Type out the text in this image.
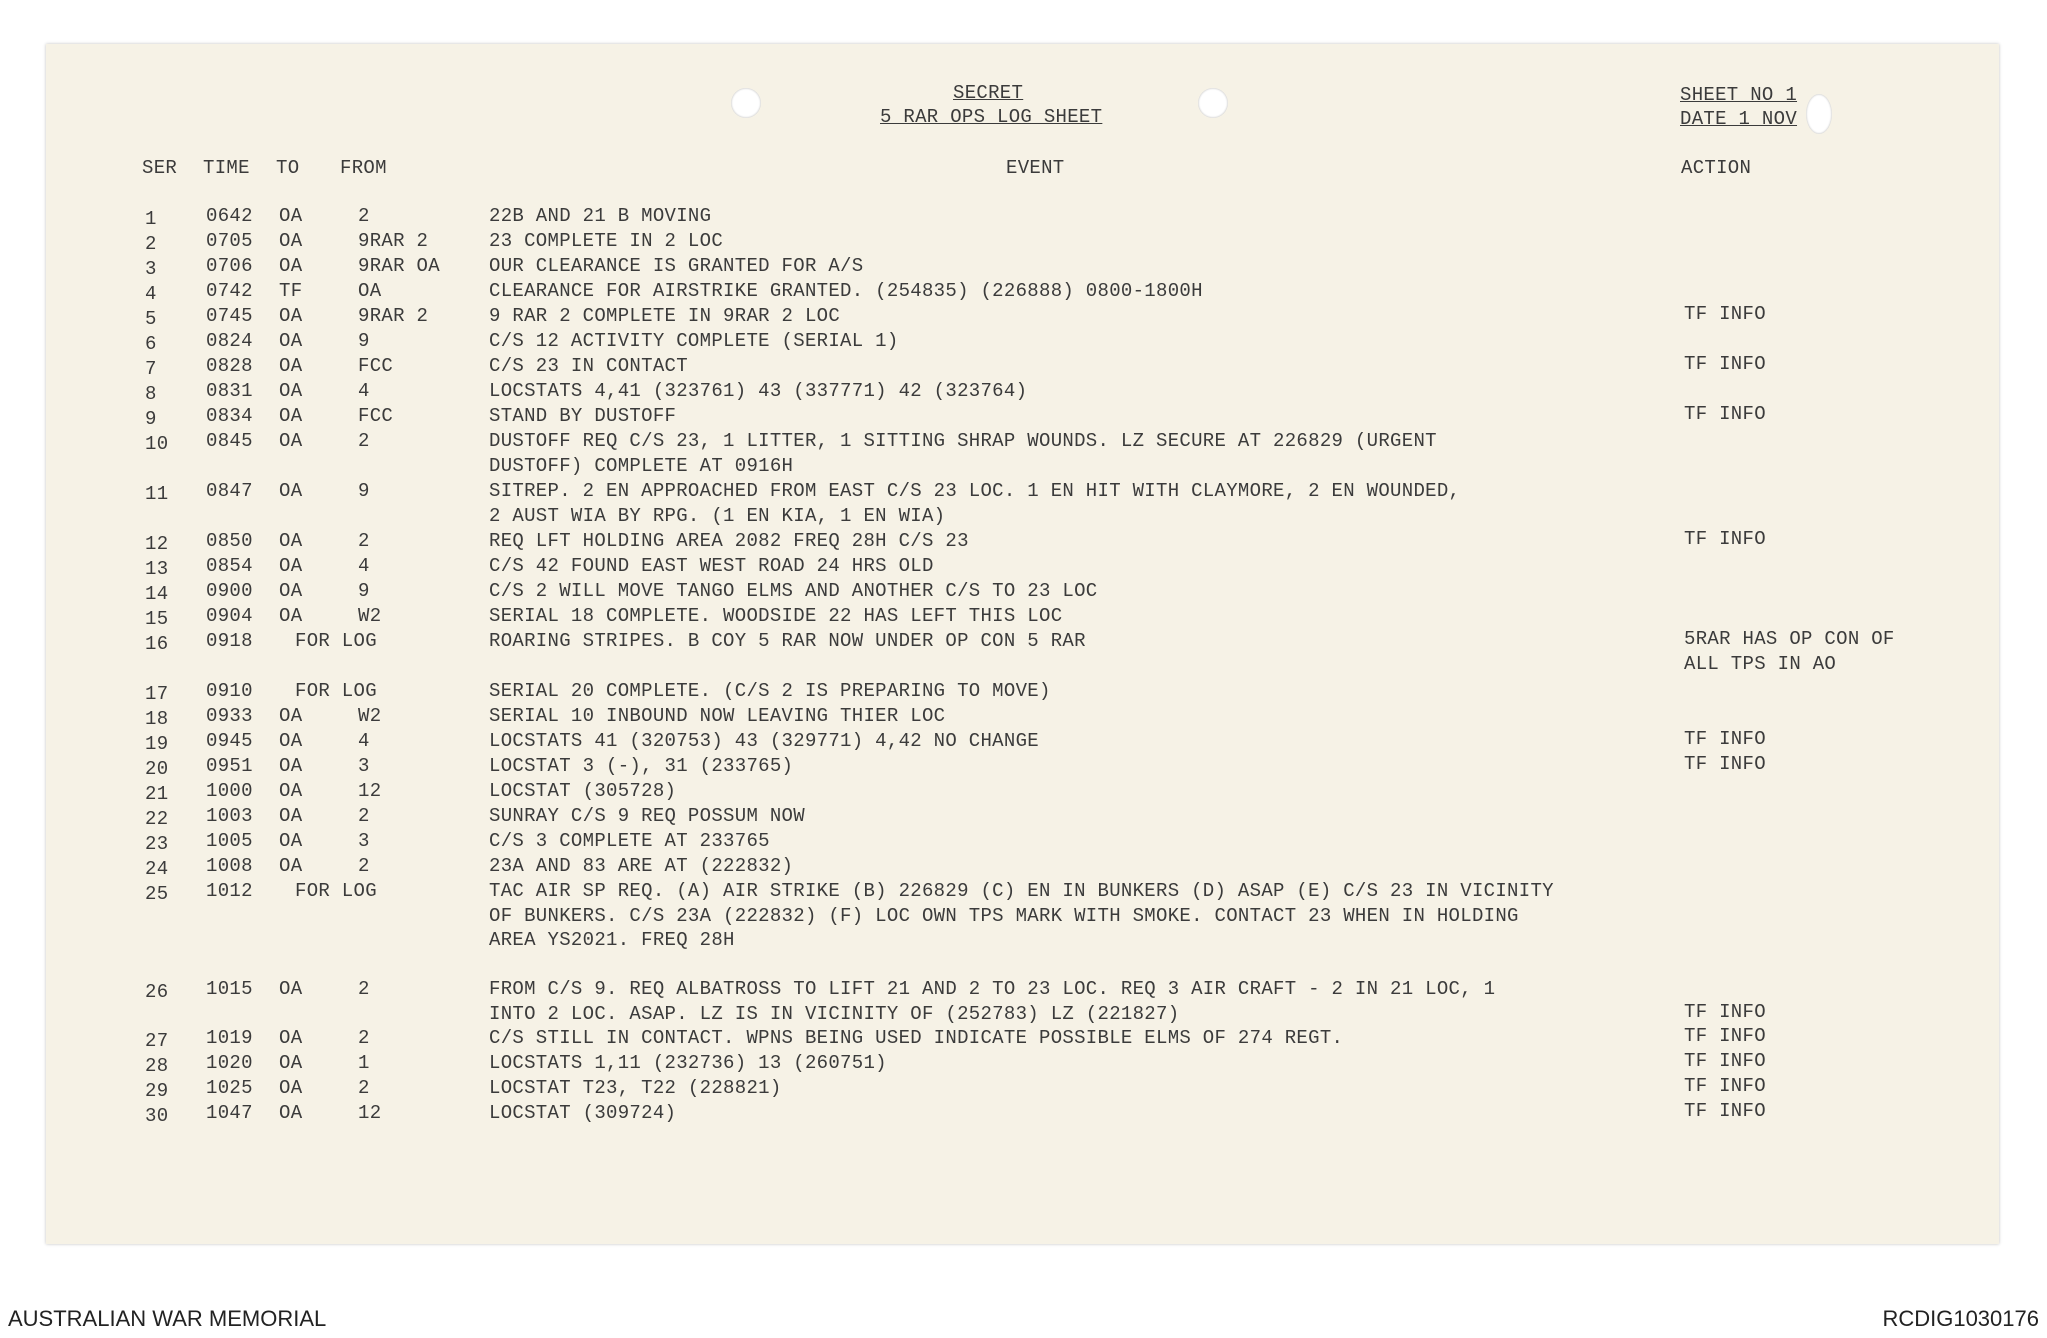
SECRET
5 RAR OPS LOG SHEET
SHEET NO 1
DATE 1 NOV
SER TIME TO FROM	EVENT	ACTION
1	0642 OA	2	22B AND 21 B MOVING
2	0705 OA	9RAR 2	23 COMPLETE IN 2 LOC
3	0706 OA	9RAR OA	OUR CLEARANCE IS GRANTED FOR A/S
4	0742 TF	OA	CLEARANCE FOR AIRSTRIKE GRANTED. (254835) (226888) 0800-1800H
5	0745 OA	9RAR 2	9 RAR 2 COMPLETE IN 9RAR 2 LOC	TF INFO
6	0824 OA	9	C/S 12 ACTIVITY COMPLETE (SERIAL 1)
7	0828 OA	FCC	C/S 23 IN CONTACT	TF INFO
8	0831 OA	4	LOCSTATS 4,41 (323761) 43 (337771) 42 (323764)
9	0834 OA	FCC	STAND BY DUSTOFF	TF INFO
10 0845 OA	2	DUSTOFF REQ C/S 23, 1 LITTER, 1 SITTING SHRAP WOUNDS. LZ SECURE AT 226829 (URGENT
DUSTOFF) COMPLETE AT 0916H
11 0847 OA	9	SITREP. 2 EN APPROACHED FROM EAST C/S 23 LOC. 1 EN HIT WITH CLAYMORE, 2 EN WOUNDED,
2 AUST WIA BY RPG. (1 EN KIA, 1 EN WIA)
12 0850 OA	2	REQ LFT HOLDING AREA 2082 FREQ 28H C/S 23	TF INFO
13 0854 OA	4	C/S 42 FOUND EAST WEST ROAD 24 HRS OLD
14 0900 OA	9	C/S 2 WILL MOVE TANGO ELMS AND ANOTHER C/S TO 23 LOC
15 0904 OA	W2	SERIAL 18 COMPLETE. WOODSIDE 22 HAS LEFT THIS LOC
16 0918 FOR LOG	ROARING STRIPES. B COY 5 RAR NOW UNDER OP CON 5 RAR	5RAR HAS OP CON OF
ALL TPS IN AO
17 0910 FOR LOG	SERIAL 20 COMPLETE. (C/S 2 IS PREPARING TO MOVE)
18 0933 OA	W2	SERIAL 10 INBOUND NOW LEAVING THIER LOC
19 0945 OA	4	LOCSTATS 41 (320753) 43 (329771) 4,42 NO CHANGE	TF INFO
20 0951 OA	3	LOCSTAT 3 (-), 31 (233765)	TF INFO
21 1000 OA	12	LOCSTAT (305728)
22 1003 OA	2	SUNRAY C/S 9 REQ POSSUM NOW
23 1005 OA	3	C/S 3 COMPLETE AT 233765
24 1008 OA	2	23A AND 83 ARE AT (222832)
25 1012 FOR LOG	TAC AIR SP REQ. (A) AIR STRIKE (B) 226829 (C) EN IN BUNKERS (D) ASAP (E) C/S 23 IN VICINITY
OF BUNKERS. C/S 23A (222832) (F) LOC OWN TPS MARK WITH SMOKE. CONTACT 23 WHEN IN HOLDING
AREA YS2021. FREQ 28H
26 1015 OA	2	FROM C/S 9. REQ ALBATROSS TO LIFT 21 AND 2 TO 23 LOC. REQ 3 AIR CRAFT - 2 IN 21 LOC, 1
INTO 2 LOC. ASAP. LZ IS IN VICINITY OF (252783) LZ (221827)	TF INFO
27 1019 OA	2	C/S STILL IN CONTACT. WPNS BEING USED INDICATE POSSIBLE ELMS OF 274 REGT.	TF INFO
28 1020 OA	1	LOCSTATS 1,11 (232736) 13 (260751)	TF INFO
29 1025 OA	2	LOCSTAT T23, T22 (228821)	TF INFO
30 1047 OA	12	LOCSTAT (309724)	TF INFO
AUSTRALIAN WAR MEMORIAL	RCDIG1030176
